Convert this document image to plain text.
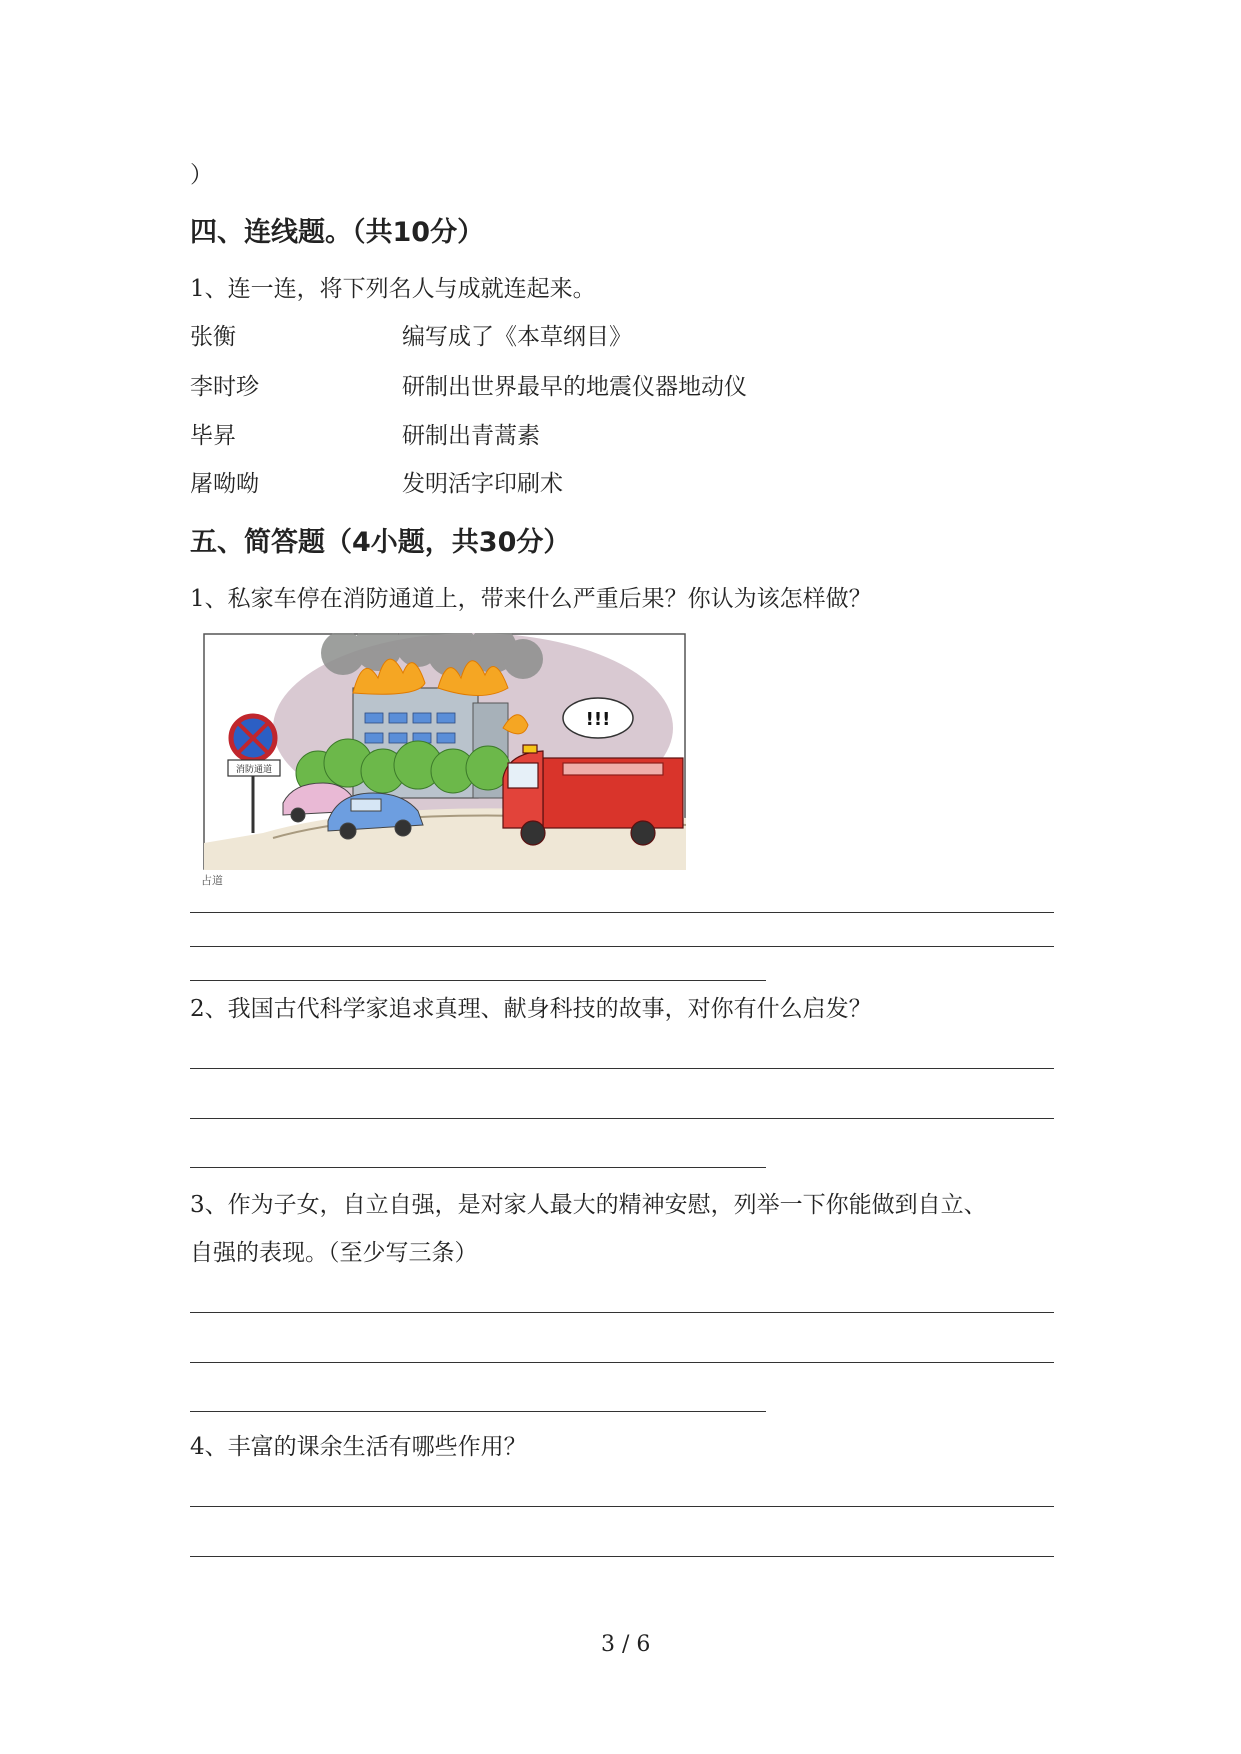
）
四、连线题。（共10分）
1、连一连，将下列名人与成就连起来。
张衡	编写成了《本草纲目》
李时珍	研制出世界最早的地震仪器地动仪
毕昇	研制出青蒿素
屠呦呦	发明活字印刷术
五、简答题（4小题，共30分）
1、私家车停在消防通道上，带来什么严重后果？你认为该怎样做？
消防通道
!!!
占道
2、我国古代科学家追求真理、献身科技的故事，对你有什么启发？
3、作为子女，自立自强，是对家人最大的精神安慰，列举一下你能做到自立、
自强的表现。（至少写三条）
4、丰富的课余生活有哪些作用？
3 / 6
